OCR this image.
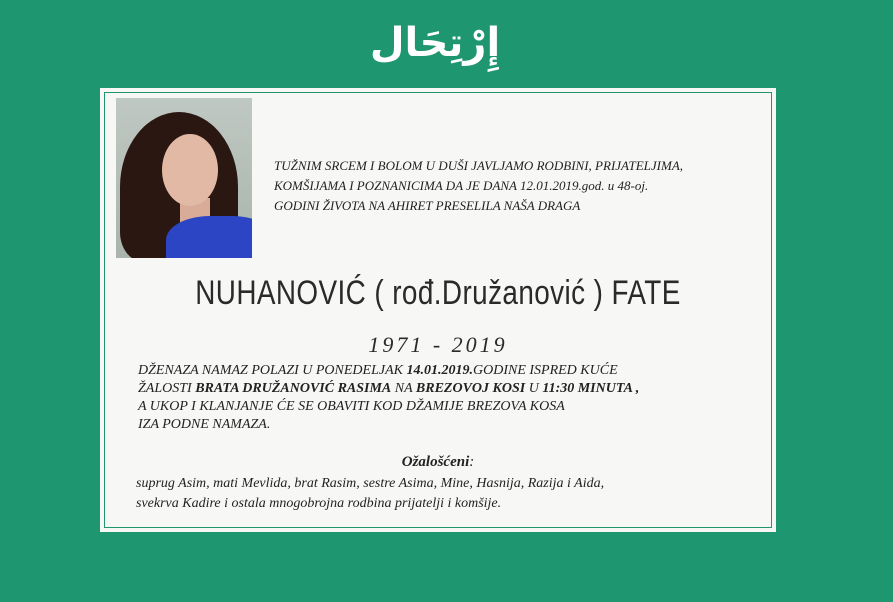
إِرْتِحَال
TUŽNIM SRCEM I BOLOM U DUŠI JAVLJAMO RODBINI, PRIJATELJIMA,
KOMŠIJAMA I POZNANICIMA DA JE DANA 12.01.2019.god. u 48-oj.
GODINI ŽIVOTA NA AHIRET PRESELILA NAŠA DRAGA
NUHANOVIĆ ( rođ.Družanović ) FATE
1971 - 2019
DŽENAZA NAMAZ POLAZI U PONEDELJAK 14.01.2019.GODINE ISPRED KUĆE
ŽALOSTI BRATA DRUŽANOVIĆ RASIMA NA BREZOVOJ KOSI U 11:30 MINUTA ,
A UKOP I KLANJANJE ĆE SE OBAVITI KOD DŽAMIJE BREZOVA KOSA
IZA PODNE NAMAZA.
Ožalošćeni:
suprug Asim, mati Mevlida, brat Rasim, sestre Asima, Mine, Hasnija, Razija i Aida,
svekrva Kadire i ostala mnogobrojna rodbina prijatelji i komšije.
